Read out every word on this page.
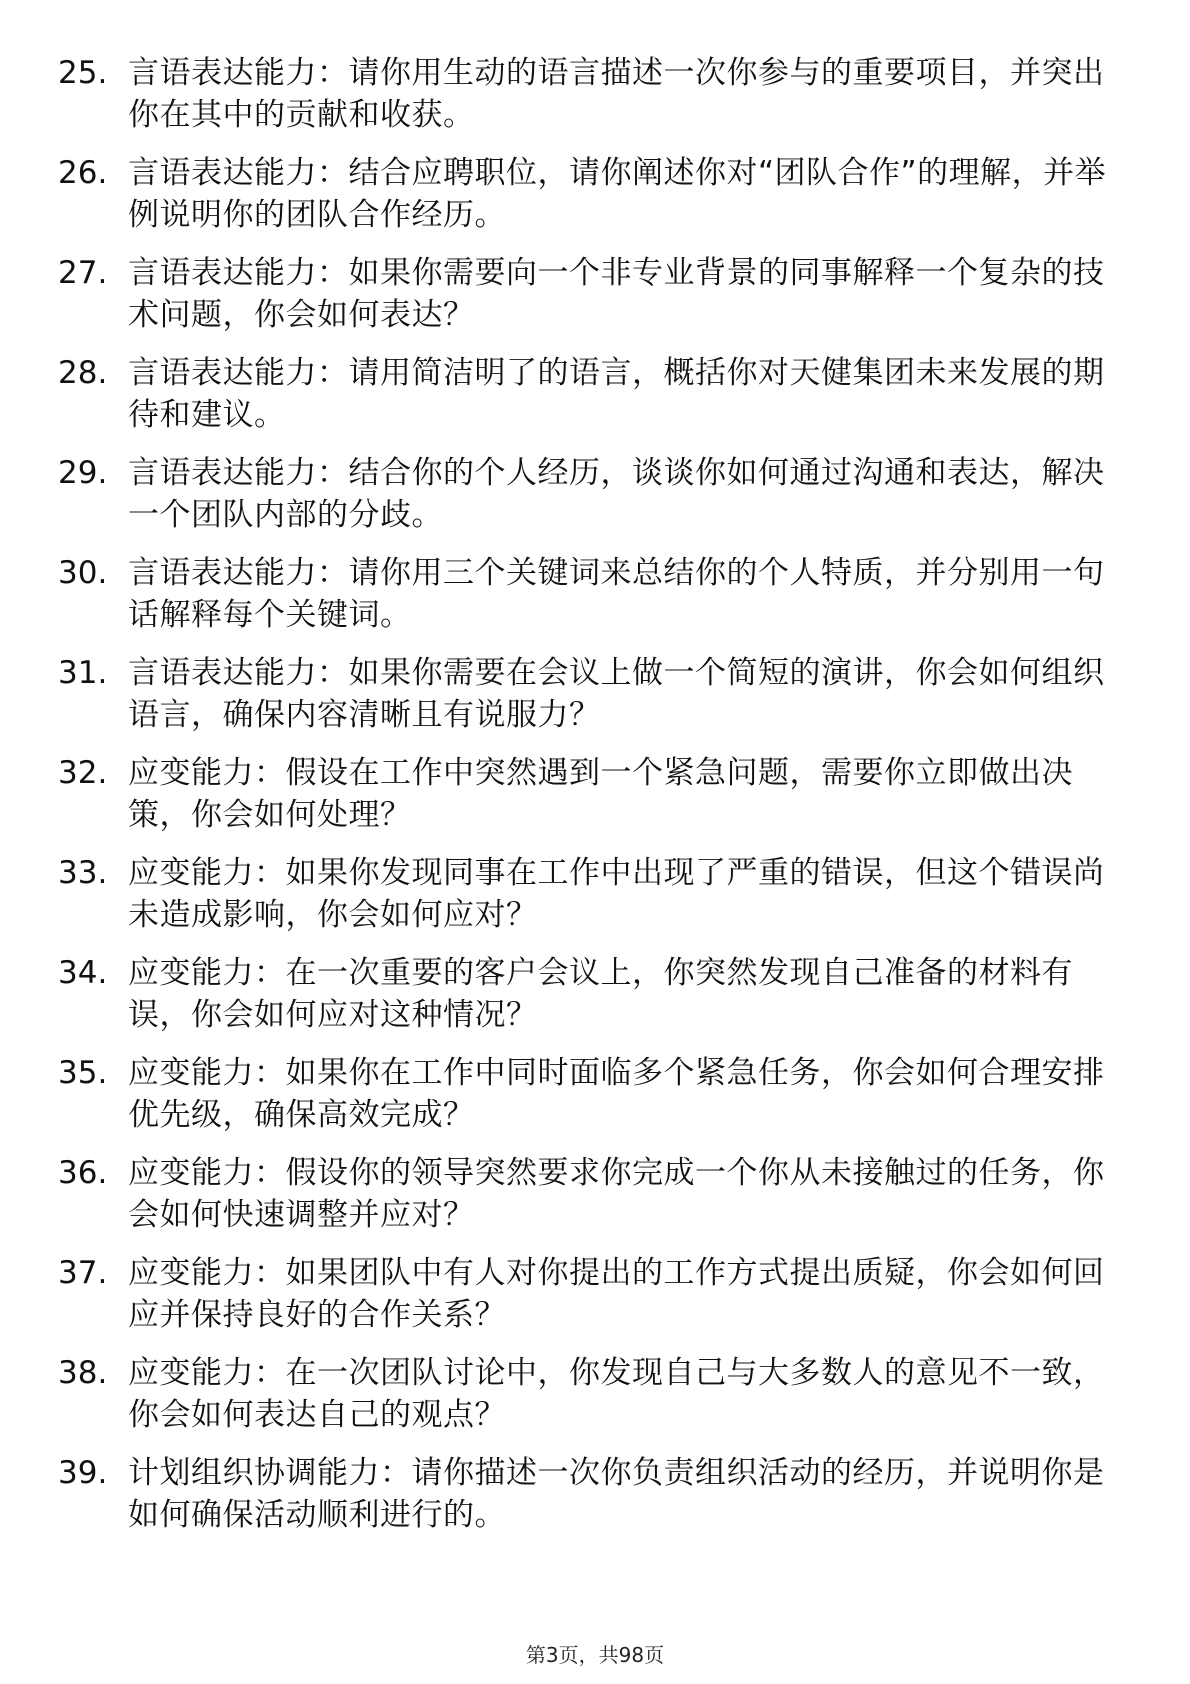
25. 言语表达能力：请你用生动的语言描述一次你参与的重要项目，并突出你在其中的贡献和收获。
26. 言语表达能力：结合应聘职位，请你阐述你对“团队合作”的理解，并举例说明你的团队合作经历。
27. 言语表达能力：如果你需要向一个非专业背景的同事解释一个复杂的技术问题，你会如何表达？
28. 言语表达能力：请用简洁明了的语言，概括你对天健集团未来发展的期待和建议。
29. 言语表达能力：结合你的个人经历，谈谈你如何通过沟通和表达，解决一个团队内部的分歧。
30. 言语表达能力：请你用三个关键词来总结你的个人特质，并分别用一句话解释每个关键词。
31. 言语表达能力：如果你需要在会议上做一个简短的演讲，你会如何组织语言，确保内容清晰且有说服力？
32. 应变能力：假设在工作中突然遇到一个紧急问题，需要你立即做出决策，你会如何处理？
33. 应变能力：如果你发现同事在工作中出现了严重的错误，但这个错误尚未造成影响，你会如何应对？
34. 应变能力：在一次重要的客户会议上，你突然发现自己准备的材料有误，你会如何应对这种情况？
35. 应变能力：如果你在工作中同时面临多个紧急任务，你会如何合理安排优先级，确保高效完成？
36. 应变能力：假设你的领导突然要求你完成一个你从未接触过的任务，你会如何快速调整并应对？
37. 应变能力：如果团队中有人对你提出的工作方式提出质疑，你会如何回应并保持良好的合作关系？
38. 应变能力：在一次团队讨论中，你发现自己与大多数人的意见不一致，你会如何表达自己的观点？
39. 计划组织协调能力：请你描述一次你负责组织活动的经历，并说明你是如何确保活动顺利进行的。
第3页，共98页
